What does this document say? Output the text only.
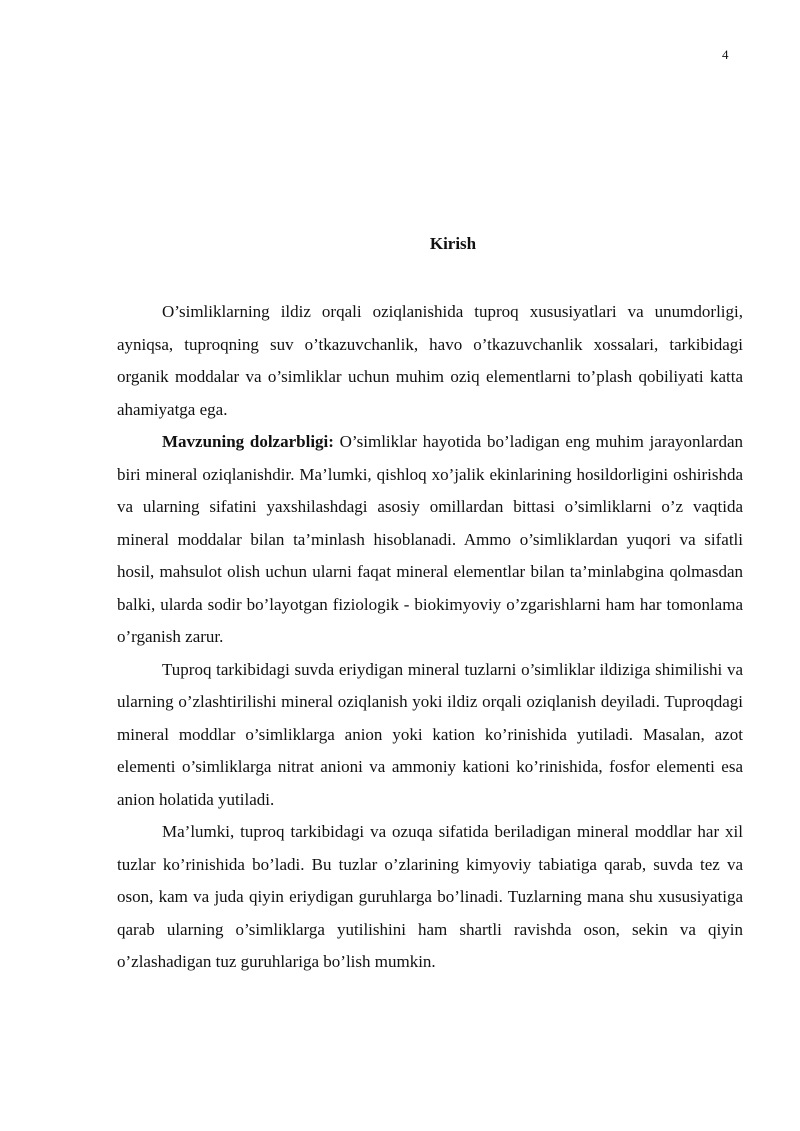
4
Kirish

O’simliklarning ildiz orqali oziqlanishida tuproq xususiyatlari va unumdorligi, ayniqsa, tuproqning suv o’tkazuvchanlik, havo o’tkazuvchanlik xossalari, tarkibidagi organik moddalar va o’simliklar uchun muhim oziq elementlarni to’plash qobiliyati katta ahamiyatga ega.

Mavzuning dolzarbligi: O’simliklar hayotida bo’ladigan eng muhim jarayonlardan biri mineral oziqlanishdir. Ma’lumki, qishloq xo’jalik ekinlarining hosildorligini oshirishda va ularning sifatini yaxshilashdagi asosiy omillardan bittasi o’simliklarni o’z vaqtida mineral moddalar bilan ta’minlash hisoblanadi. Ammo o’simliklardan yuqori va sifatli hosil, mahsulot olish uchun ularni faqat mineral elementlar bilan ta’minlabgina qolmasdan balki, ularda sodir bo’layotgan fiziologik - biokimyoviy o’zgarishlarni ham har tomonlama o’rganish zarur.

Tuproq tarkibidagi suvda eriydigan mineral tuzlarni o’simliklar ildiziga shimilishi va ularning o’zlashtirilishi mineral oziqlanish yoki ildiz orqali oziqlanish deyiladi. Tuproqdagi mineral moddlar o’simliklarga anion yoki kation ko’rinishida yutiladi. Masalan, azot elementi o’simliklarga nitrat anioni va ammoniy kationi ko’rinishida, fosfor elementi esa anion holatida yutiladi.

Ma’lumki, tuproq tarkibidagi va ozuqa sifatida beriladigan mineral moddlar har xil tuzlar ko’rinishida bo’ladi. Bu tuzlar o’zlarining kimyoviy tabiatiga qarab, suvda tez va oson, kam va juda qiyin eriydigan guruhlarga bo’linadi. Tuzlarning mana shu xususiyatiga qarab ularning o’simliklarga yutilishini ham shartli ravishda oson, sekin va qiyin o’zlashadigan tuz guruhlariga bo’lish mumkin.
